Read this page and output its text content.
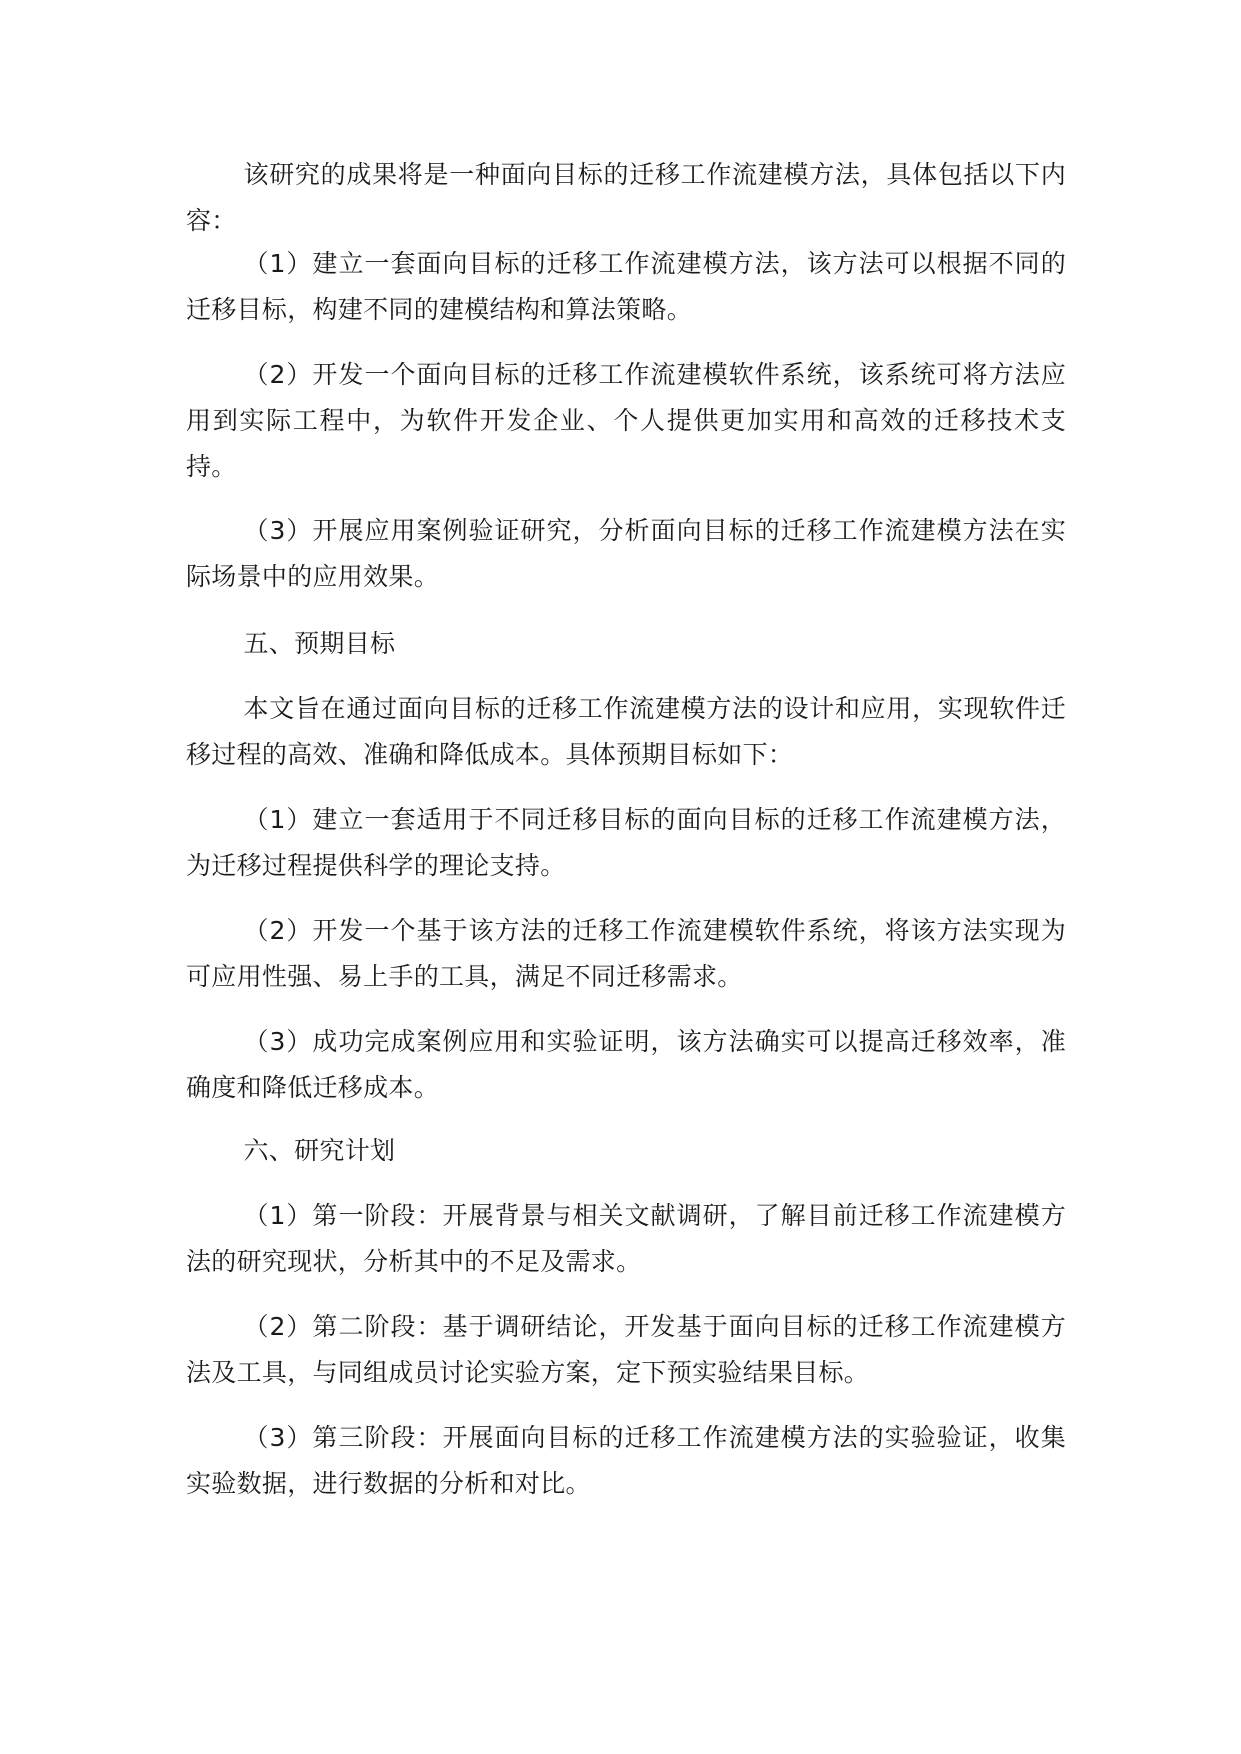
该研究的成果将是一种面向目标的迁移工作流建模方法，具体包括以下内容：

（1）建立一套面向目标的迁移工作流建模方法，该方法可以根据不同的迁移目标，构建不同的建模结构和算法策略。

（2）开发一个面向目标的迁移工作流建模软件系统，该系统可将方法应用到实际工程中，为软件开发企业、个人提供更加实用和高效的迁移技术支持。

（3）开展应用案例验证研究，分析面向目标的迁移工作流建模方法在实际场景中的应用效果。

五、预期目标

本文旨在通过面向目标的迁移工作流建模方法的设计和应用，实现软件迁移过程的高效、准确和降低成本。具体预期目标如下：

（1）建立一套适用于不同迁移目标的面向目标的迁移工作流建模方法，为迁移过程提供科学的理论支持。

（2）开发一个基于该方法的迁移工作流建模软件系统，将该方法实现为可应用性强、易上手的工具，满足不同迁移需求。

（3）成功完成案例应用和实验证明，该方法确实可以提高迁移效率，准确度和降低迁移成本。

六、研究计划

（1）第一阶段：开展背景与相关文献调研，了解目前迁移工作流建模方法的研究现状，分析其中的不足及需求。

（2）第二阶段：基于调研结论，开发基于面向目标的迁移工作流建模方法及工具，与同组成员讨论实验方案，定下预实验结果目标。

（3）第三阶段：开展面向目标的迁移工作流建模方法的实验验证，收集实验数据，进行数据的分析和对比。
